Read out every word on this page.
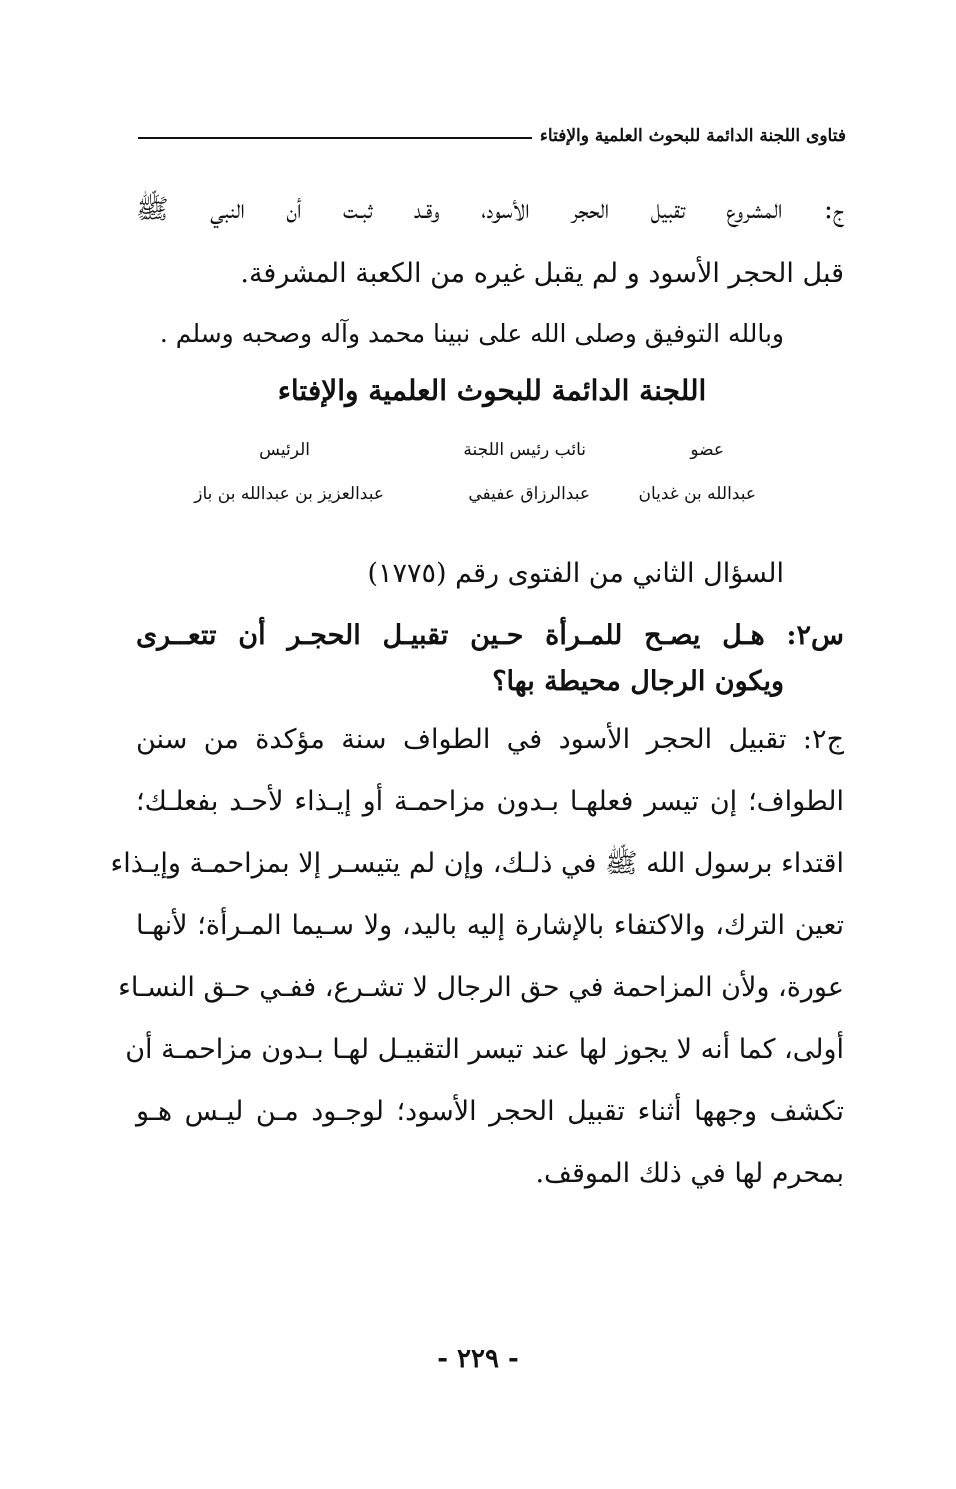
فتاوى اللجنة الدائمة للبحوث العلمية والإفتاء
ج: المشروع تقبيل الحجر الأسود، وقـد ثبـت أن النبي ﷺ
قبل الحجر الأسود و لم يقبل غيره من الكعبة المشرفة.
وبالله التوفيق وصلى الله على نبينا محمد وآله وصحبه وسلم .
اللجنة الدائمة للبحوث العلمية والإفتاء
عضو
نائب رئيس اللجنة
الرئيس
عبدالله بن غديان
عبدالرزاق عفيفي
عبدالعزيز بن عبدالله بن باز
السؤال الثاني من الفتوى رقم (١٧٧٥)
س٢: هـل يصـح للمـرأة حـين تقبيـل الحجـر أن تتعــرى
ويكون الرجال محيطة بها؟
ج٢: تقبيل الحجر الأسود في الطواف سنة مؤكدة من سنن
الطواف؛ إن تيسر فعلهـا بـدون مزاحمـة أو إيـذاء لأحـد بفعلـك؛
اقتداء برسول الله ﷺ في ذلـك، وإن لم يتيسـر إلا بمزاحمـة وإيـذاء
تعين الترك، والاكتفاء بالإشارة إليه باليد، ولا سـيما المـرأة؛ لأنهـا
عورة، ولأن المزاحمة في حق الرجال لا تشـرع، ففـي حـق النسـاء
أولى، كما أنه لا يجوز لها عند تيسر التقبيـل لهـا بـدون مزاحمـة أن
تكشف وجهها أثناء تقبيل الحجر الأسود؛ لوجـود مـن ليـس هـو
بمحرم لها في ذلك الموقف.
- ٢٢٩ -
